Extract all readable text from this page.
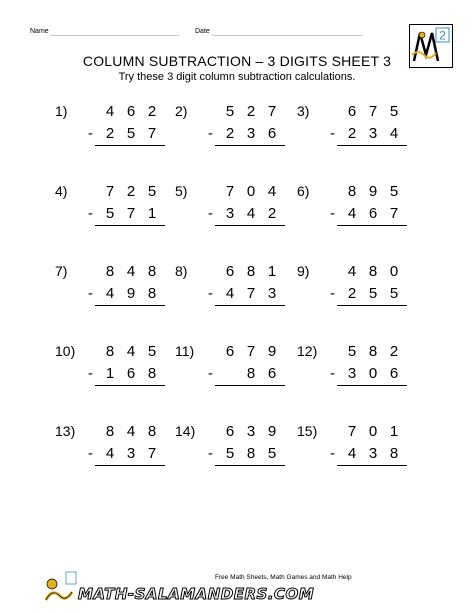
Name	Date	2
COLUMN SUBTRACTION – 3 DIGITS SHEET 3
Try these 3 digit column subtraction calculations.
1)	4 6 2
2 5 7
-
2)	5 2 7
2 3 6
-
3)	6 7 5
2 3 4
-
4)	7 2 5
5 7 1
-
5)	7 0 4
3 4 2
-
6)	8 9 5
4 6 7
-
7)	8 4 8
4 9 8
-
8)	6 8 1
4 7 3
-
9)	4 8 0
2 5 5
-
10)	8 4 5
1 6 8
-
11)	6 7 9
8 6
-
12)	5 8 2
3 0 6
-
13)	8 4 8
4 3 7
-
14)	6 3 9
5 8 5
-
15)	7 0 1
4 3 8
-
MATH-SALAMANDERS.COM
Free Math Sheets, Math Games and Math Help
